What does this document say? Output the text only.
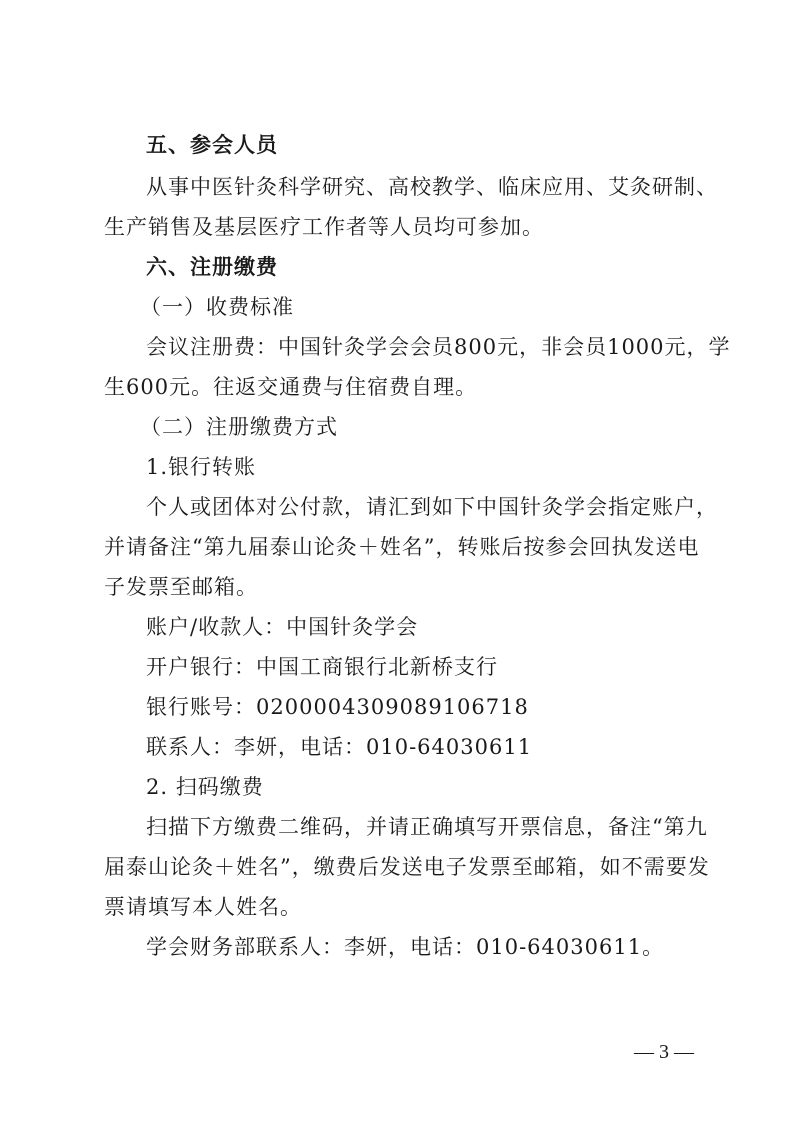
五、参会人员
从事中医针灸科学研究、高校教学、临床应用、艾灸研制、
生产销售及基层医疗工作者等人员均可参加。
六、注册缴费
（一）收费标准
会议注册费：中国针灸学会会员800元，非会员1000元，学
生600元。往返交通费与住宿费自理。
（二）注册缴费方式
1.银行转账
个人或团体对公付款，请汇到如下中国针灸学会指定账户，
并请备注“第九届泰山论灸＋姓名”，转账后按参会回执发送电
子发票至邮箱。
账户/收款人：中国针灸学会
开户银行：中国工商银行北新桥支行
银行账号：0200004309089106718
联系人：李妍，电话：010-64030611
2. 扫码缴费
扫描下方缴费二维码，并请正确填写开票信息，备注“第九
届泰山论灸＋姓名”，缴费后发送电子发票至邮箱，如不需要发
票请填写本人姓名。
学会财务部联系人：李妍，电话：010-64030611。
— 3 —
